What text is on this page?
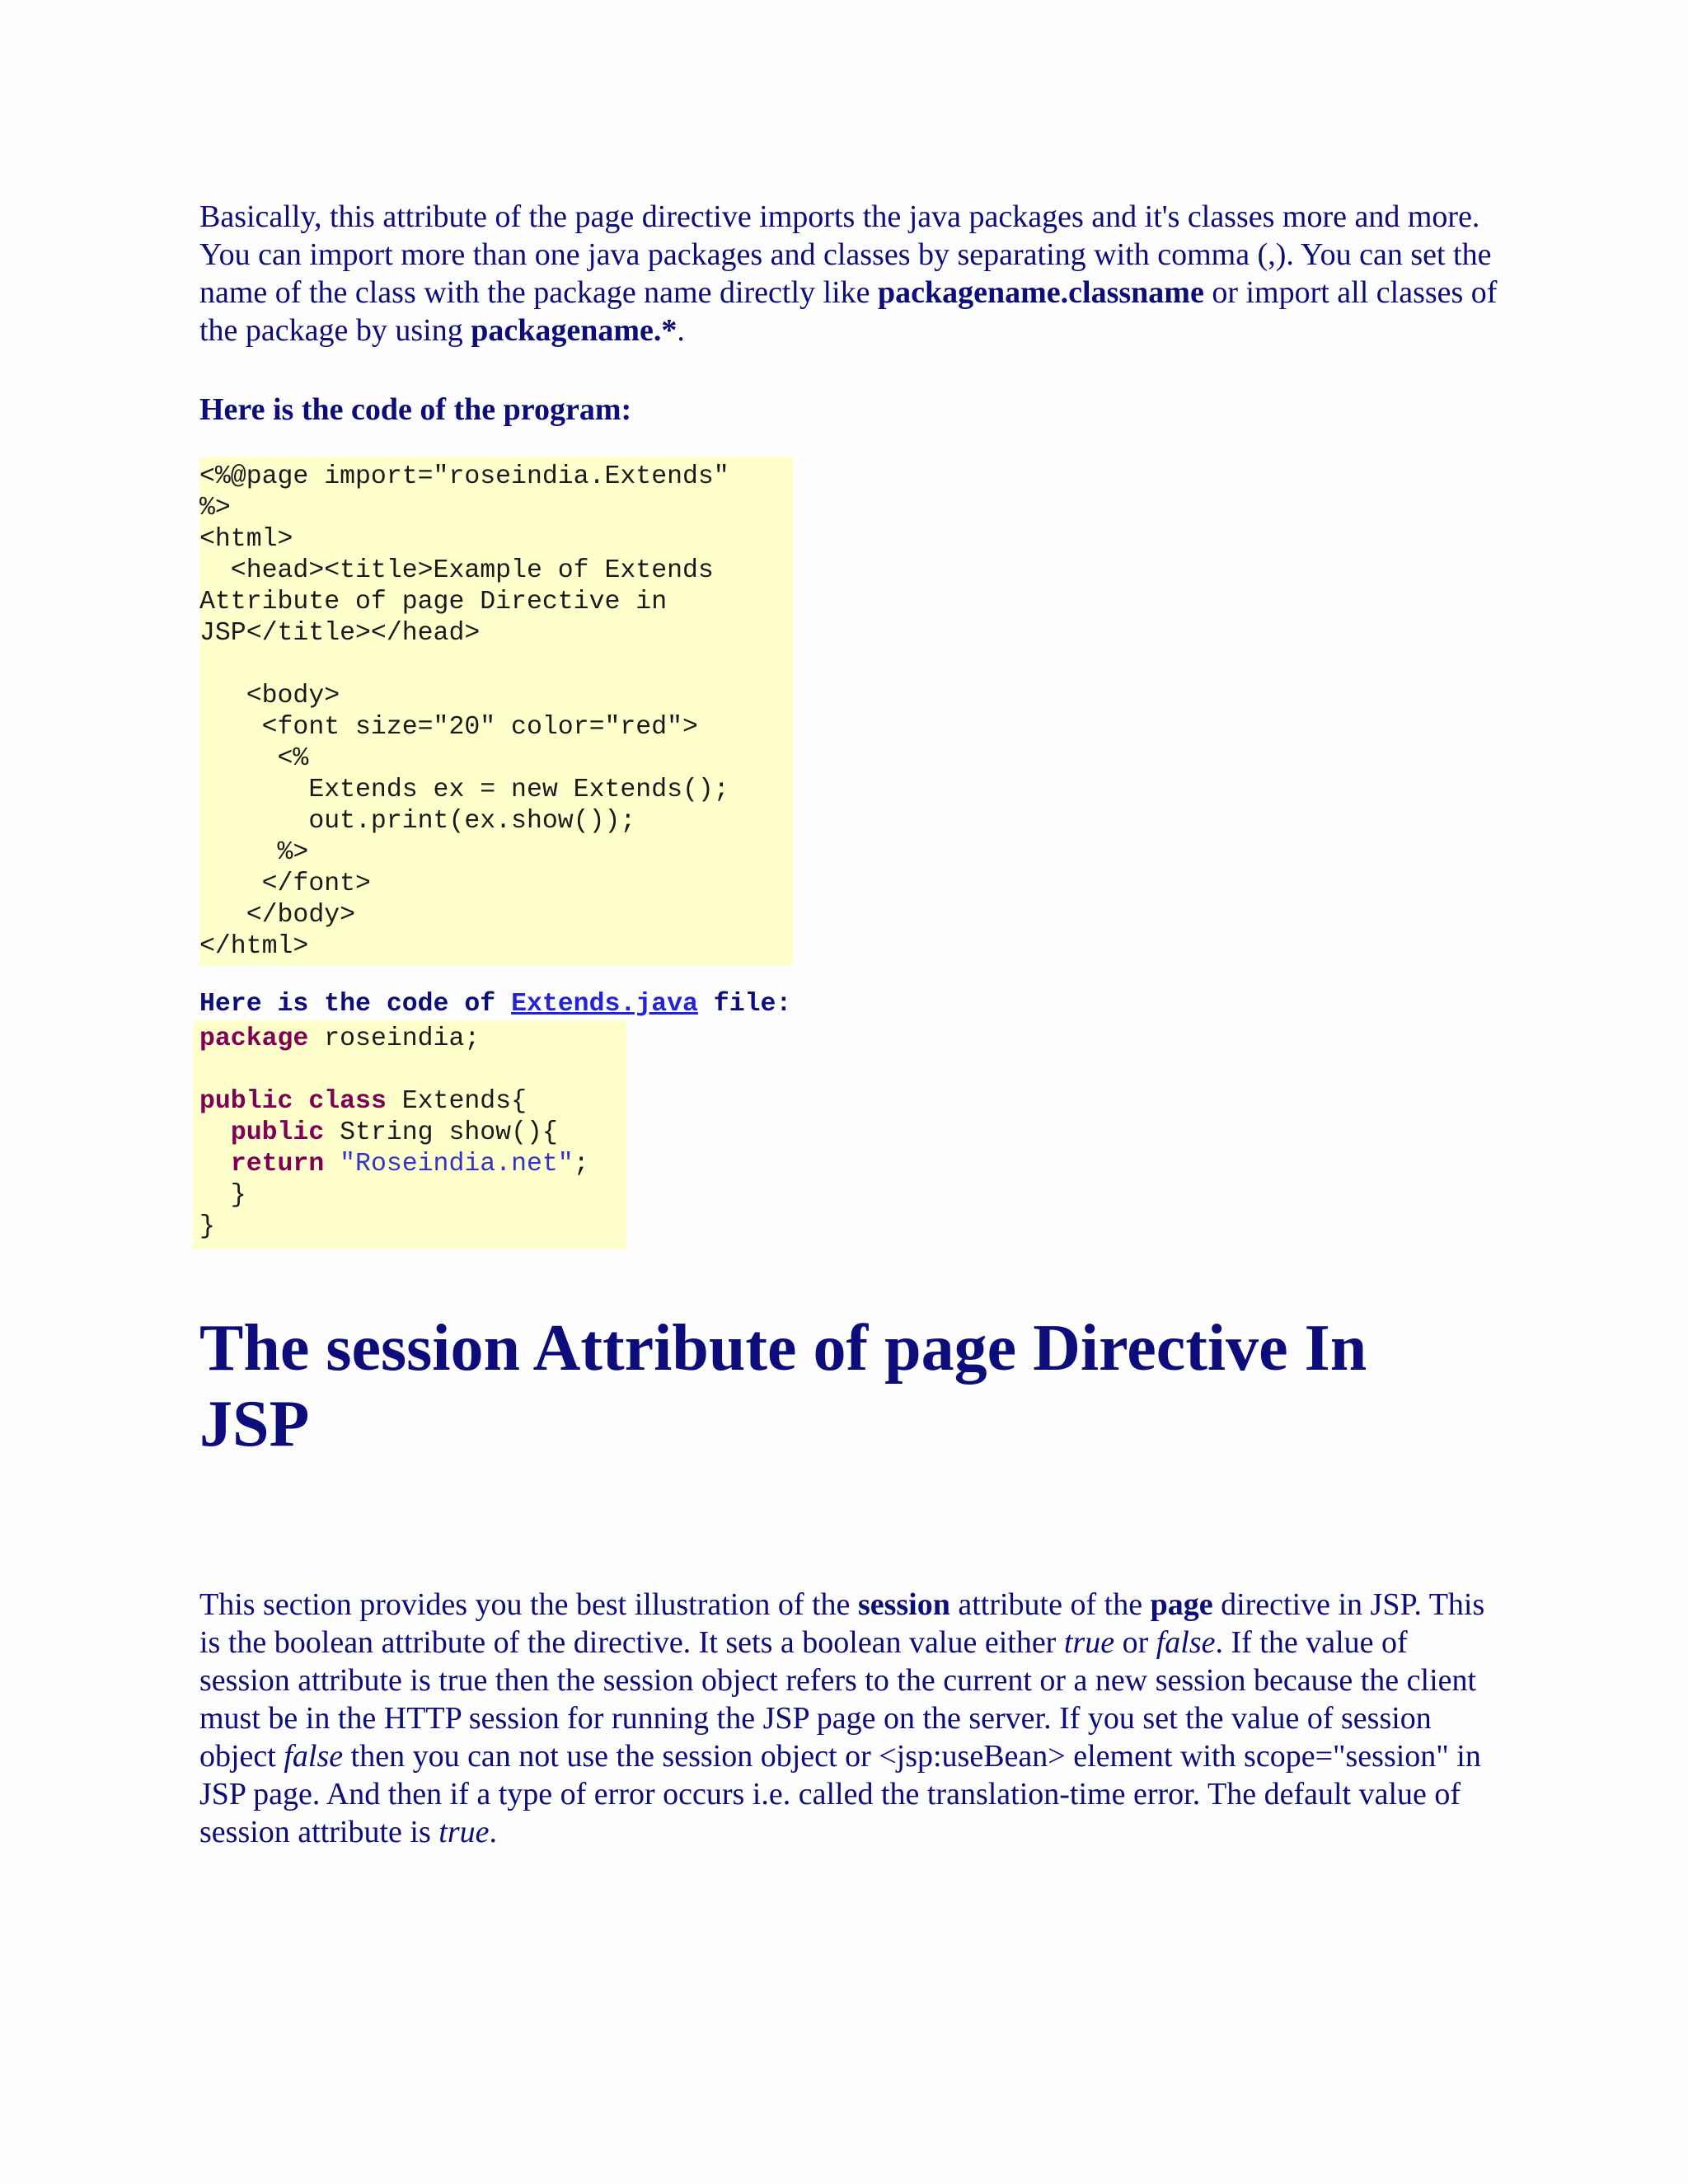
Basically, this attribute of the page directive imports the java packages and it's classes more and more. You can import more than one java packages and classes by separating with comma (,). You can set the name of the class with the package name directly like packagename.classname or import all classes of the package by using packagename.*.

Here is the code of the program:

<%@page import="roseindia.Extends"
%>
<html>
<head><title>Example of Extends
Attribute of page Directive in
JSP</title></head>

<body>
<font size="20" color="red">
<%
Extends ex = new Extends();
out.print(ex.show());
%>
</font>
</body>
</html>
Here is the code of Extends.java file:
package roseindia;

public class Extends{
public String show(){
return "Roseindia.net";
}
}
The session Attribute of page Directive In JSP

This section provides you the best illustration of the session attribute of the page directive in JSP. This is the boolean attribute of the directive. It sets a boolean value either true or false. If the value of session attribute is true then the session object refers to the current or a new session because the client must be in the HTTP session for running the JSP page on the server. If you set the value of session object false then you can not use the session object or <jsp:useBean> element with scope="session" in JSP page. And then if a type of error occurs i.e. called the translation-time error. The default value of session attribute is true.
